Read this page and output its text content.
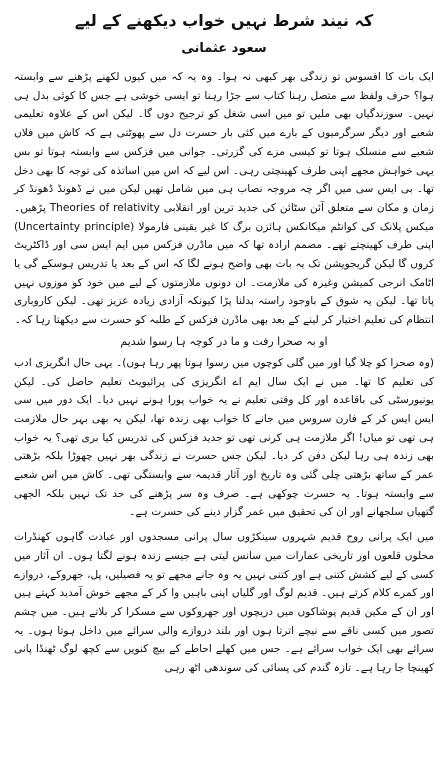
کہ نیند شرط نہیں خواب دیکھنے کے لیے
سعود عثمانی

ایک بات کا افسوس تو زندگی بھر کبھی نہ ہوا۔ وہ یہ کہ میں کیوں لکھنے پڑھنے سے وابستہ ہوا؟ حرف ولفظ سے متصل رہنا کتاب سے جڑا رہنا تو ایسی خوشی ہے جس کا کوئی بدل ہی نہیں۔ سوزندگیاں بھی ملیں تو میں اسی شغل کو ترجیح دوں گا۔ لیکن اس کے علاوہ تعلیمی شعبے اور دیگر سرگرمیوں کے بارے میں کئی بار حسرت دل سے پھوٹتی ہے کہ کاش میں فلاں شعبے سے منسلک ہوتا تو کیسی مزے کی گزرتی۔ جوانی میں فزکس سے وابستہ ہوتا تو بس یہی خواہش مجھے اپنی طرف کھینچتی رہی۔ اس لیے کہ اس میں اساتذہ کی توجہ کا بھی دخل تھا۔ بی ایس سی میں اگر چہ مروجہ نصاب ہی میں شامل تھیں لیکن میں نے ڈھونڈ ڈھونڈ کر زمان و مکان سے متعلق آئن سٹائن کی جدید ترین اور انقلابی Theories of relativity پڑھیں۔ میکس پلانک کی کوانٹم میکانکس ہائزن برگ کا غیر یقینی فارمولا (Uncertainty principle) اپنی طرف کھینچتے تھے۔ مصمم ارادہ تھا کہ میں ماڈرن فزکس میں ایم ایس سی اور ڈاکٹریٹ کروں گا لیکن گریجویشن تک یہ بات بھی واضح ہونے لگا کہ اس کے بعد یا تدریس ہوسکے گی یا اٹامک انرجی کمیشن وغیرہ کی ملازمت۔ ان دونوں ملازمتوں کے لیے میں خود کو موزوں نہیں پاتا تھا۔ لیکن یہ شوق کے باوجود راستہ بدلنا پڑا کیونکہ آزادی زیادہ عزیز تھی۔ لیکن کاروباری انتظام کی تعلیم اختیار کر لینے کے بعد بھی ماڈرن فزکس کے طلبہ کو حسرت سے دیکھتا رہا کہ۔

او بہ صحرا رفت و ما در کوچہ ہا رسوا شدیم

(وہ صحرا کو چلا گیا اور میں گلی کوچوں میں رسوا ہوتا پھر رہا ہوں)۔ یہی حال انگریزی ادب کی تعلیم کا تھا۔ میں نے ایک سال ایم اے انگریزی کی پرائیویٹ تعلیم حاصل کی۔ لیکن یونیورسٹی کی باقاعدہ اور کل وقتی تعلیم نے یہ خواب پورا ہونے نہیں دیا۔ ایک دور میں سی ایس ایس کر کے فارن سروس میں جانے کا خواب بھی زندہ تھا، لیکن یہ بھی بہر حال ملازمت ہی تھی تو میاں! اگر ملازمت ہی کرنی تھی تو جدید فزکس کی تدریس کیا بری تھی؟ یہ خواب بھی زندہ ہی رہا لیکن دفن کر دیا۔ لیکن جس حسرت نے زندگی بھر نہیں چھوڑا بلکہ بڑھتی عمر کے ساتھ بڑھتی چلی گئی وہ تاریخ اور آثار قدیمہ سے وابستگی تھی۔ کاش میں اس شعبے سے وابستہ ہوتا۔ یہ حسرت چوکھی ہے۔ صرف وہ سر پڑھنے کی حد تک نہیں بلکہ الجھی گتھیاں سلجھانے اور ان کی تحقیق میں عمر گزار دینے کی حسرت ہے۔

میں ایک پرانی روح قدیم شہروں سینکڑوں سال پرانی مسجدوں اور عبادت گاہوں کھنڈرات محلوں قلعوں اور تاریخی عمارات میں سانس لیتی ہے جیسے زندہ ہونے لگتا ہوں۔ ان آثار میں کسی کے لیے کشش کتنی ہے اور کتنی نہیں یہ وہ جانے مجھے تو یہ فصیلیں، پل، جھروکے، دروازے اور کمرے کلام کرتے ہیں۔ قدیم لوگ اور گلیاں اپنی باہیں وا کر کے مجھے خوش آمدید کہتے ہیں اور ان کے مکین قدیم پوشاکوں میں دریچوں اور جھروکوں سے مسکرا کر بلاتے ہیں۔ میں چشم تصور میں کسی ناقے سے نیچے اترتا ہوں اور بلند دروازے والی سرائے میں داخل ہوتا ہوں۔ یہ سرائے بھی ایک خواب سرائے ہے۔ جس میں کھلے احاطے کے بیچ کنویں سے کچھ لوگ ٹھنڈا پانی کھینچا جا رہا ہے۔ تازہ گندم کی پسائی کی سوندھی اٹھ رہی
